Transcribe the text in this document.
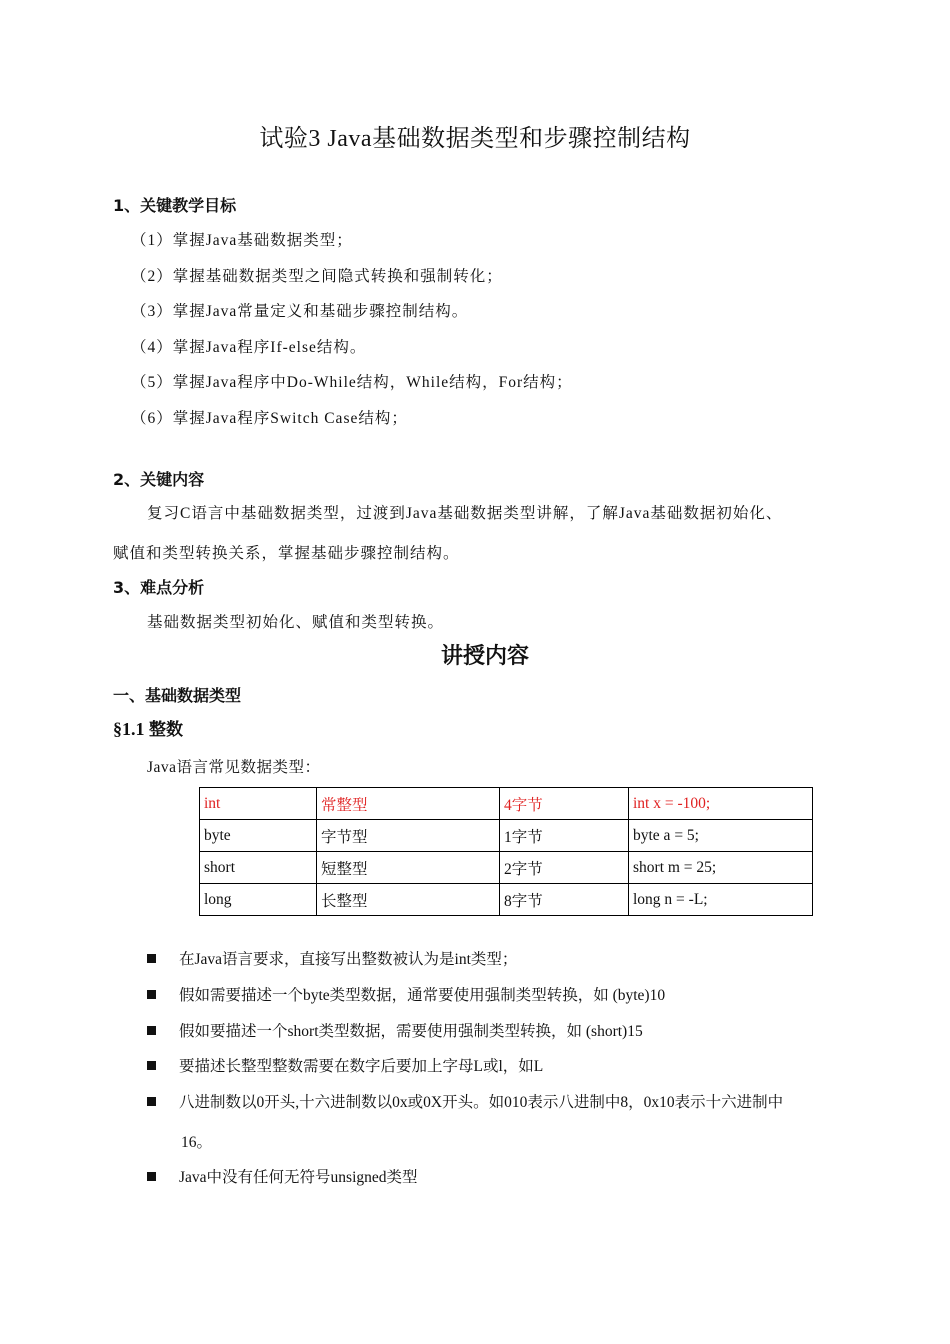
试验3 Java基础数据类型和步骤控制结构
1、关键教学目标
（1）掌握Java基础数据类型；
（2）掌握基础数据类型之间隐式转换和强制转化；
（3）掌握Java常量定义和基础步骤控制结构。
（4）掌握Java程序If-else结构。
（5）掌握Java程序中Do-While结构，While结构，For结构；
（6）掌握Java程序Switch Case结构；
2、关键内容
复习C语言中基础数据类型，过渡到Java基础数据类型讲解，了解Java基础数据初始化、
赋值和类型转换关系，掌握基础步骤控制结构。
3、难点分析
基础数据类型初始化、赋值和类型转换。
讲授内容
一、基础数据类型
§1.1 整数
Java语言常见数据类型：
int	常整型	4字节	int x = -100;
byte	字节型	1字节	byte a = 5;
short	短整型	2字节	short m = 25;
long	长整型	8字节	long n = -L;
在Java语言要求，直接写出整数被认为是int类型；
假如需要描述一个byte类型数据，通常要使用强制类型转换，如 (byte)10
假如要描述一个short类型数据，需要使用强制类型转换，如 (short)15
要描述长整型整数需要在数字后要加上字母L或l，如L
八进制数以0开头,十六进制数以0x或0X开头。如010表示八进制中8，0x10表示十六进制中
16。
Java中没有任何无符号unsigned类型
